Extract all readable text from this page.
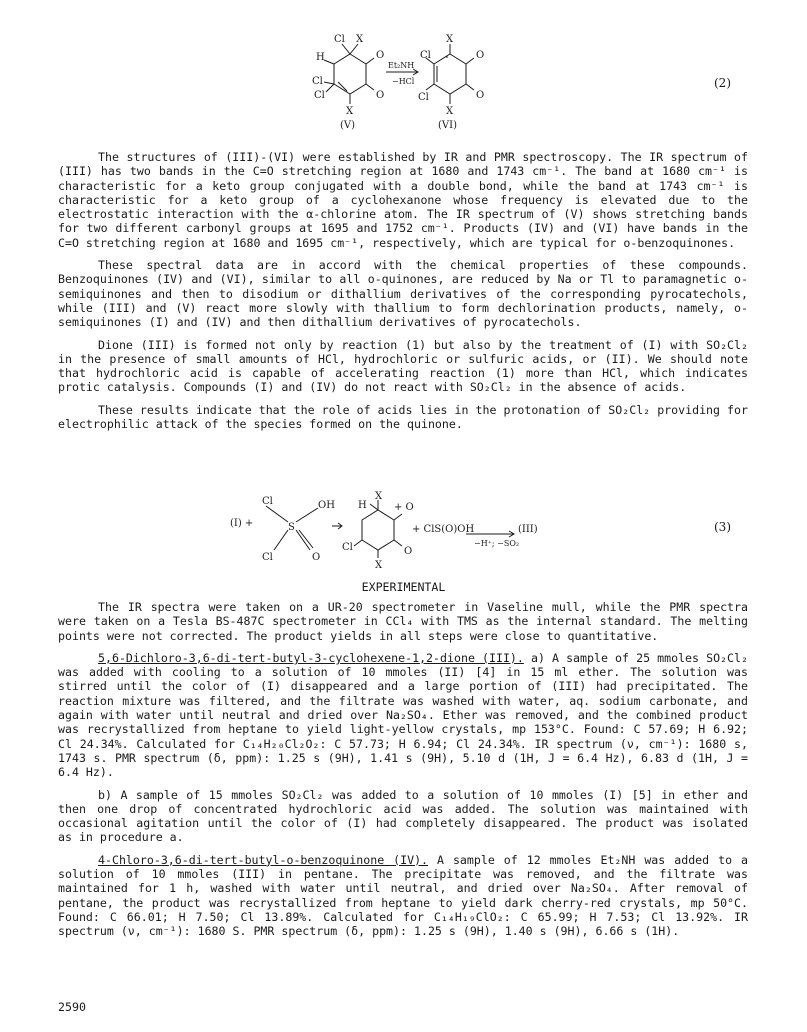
Cl X
O
H
Cl
Cl	O
X
(V)
Et₂NH
−HCl
X
Cl	O
Cl	O
X
(VI)
(2)

The structures of (III)-(VI) were established by IR and PMR spectroscopy. The IR spectrum of (III) has two bands in the C=O stretching region at 1680 and 1743 cm⁻¹. The band at 1680 cm⁻¹ is characteristic for a keto group conjugated with a double bond, while the band at 1743 cm⁻¹ is characteristic for a keto group of a cyclohexanone whose frequency is elevated due to the electrostatic interaction with the α-chlorine atom. The IR spectrum of (V) shows stretching bands for two different carbonyl groups at 1695 and 1752 cm⁻¹. Products (IV) and (VI) have bands in the C=O stretching region at 1680 and 1695 cm⁻¹, respectively, which are typical for o-benzoquinones.

These spectral data are in accord with the chemical properties of these compounds. Benzoquinones (IV) and (VI), similar to all o-quinones, are reduced by Na or Tl to paramagnetic o-semiquinones and then to disodium or dithallium derivatives of the corresponding pyrocatechols, while (III) and (V) react more slowly with thallium to form dechlorination products, namely, o-semiquinones (I) and (IV) and then dithallium derivatives of pyrocatechols.

Dione (III) is formed not only by reaction (1) but also by the treatment of (I) with SO₂Cl₂ in the presence of small amounts of HCl, hydrochloric or sulfuric acids, or (II). We should note that hydrochloric acid is capable of accelerating reaction (1) more than HCl, which indicates protic catalysis. Compounds (I) and (IV) do not react with SO₂Cl₂ in the absence of acids.

These results indicate that the role of acids lies in the protonation of SO₂Cl₂ providing for electrophilic attack of the species formed on the quinone.

(I) +
Cl	OH
S
Cl	O
H
X
+ O
Cl	O
X
+ ClS(O)OH
−H⁺; −SO₂
(III)	(3)
EXPERIMENTAL

The IR spectra were taken on a UR-20 spectrometer in Vaseline mull, while the PMR spectra were taken on a Tesla BS-487C spectrometer in CCl₄ with TMS as the internal standard. The melting points were not corrected. The product yields in all steps were close to quantitative.

5,6-Dichloro-3,6-di-tert-butyl-3-cyclohexene-1,2-dione (III). a) A sample of 25 mmoles SO₂Cl₂ was added with cooling to a solution of 10 mmoles (II) [4] in 15 ml ether. The solution was stirred until the color of (I) disappeared and a large portion of (III) had precipitated. The reaction mixture was filtered, and the filtrate was washed with water, aq. sodium carbonate, and again with water until neutral and dried over Na₂SO₄. Ether was removed, and the combined product was recrystallized from heptane to yield light-yellow crystals, mp 153°C. Found: C 57.69; H 6.92; Cl 24.34%. Calculated for C₁₄H₂₀Cl₂O₂: C 57.73; H 6.94; Cl 24.34%. IR spectrum (ν, cm⁻¹): 1680 s, 1743 s. PMR spectrum (δ, ppm): 1.25 s (9H), 1.41 s (9H), 5.10 d (1H, J = 6.4 Hz), 6.83 d (1H, J = 6.4 Hz).

b) A sample of 15 mmoles SO₂Cl₂ was added to a solution of 10 mmoles (I) [5] in ether and then one drop of concentrated hydrochloric acid was added. The solution was maintained with occasional agitation until the color of (I) had completely disappeared. The product was isolated as in procedure a.

4-Chloro-3,6-di-tert-butyl-o-benzoquinone (IV). A sample of 12 mmoles Et₂NH was added to a solution of 10 mmoles (III) in pentane. The precipitate was removed, and the filtrate was maintained for 1 h, washed with water until neutral, and dried over Na₂SO₄. After removal of pentane, the product was recrystallized from heptane to yield dark cherry-red crystals, mp 50°C. Found: C 66.01; H 7.50; Cl 13.89%. Calculated for C₁₄H₁₉ClO₂: C 65.99; H 7.53; Cl 13.92%. IR spectrum (ν, cm⁻¹): 1680 S. PMR spectrum (δ, ppm): 1.25 s (9H), 1.40 s (9H), 6.66 s (1H).

2590
